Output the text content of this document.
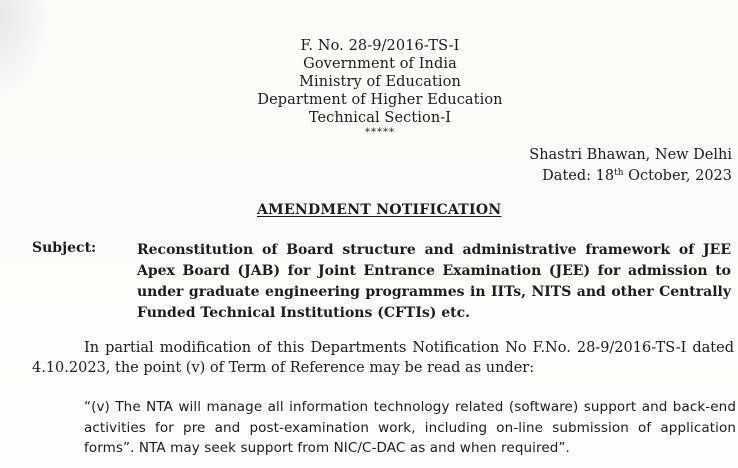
F. No. 28-9/2016-TS-I
Government of India
Ministry of Education
Department of Higher Education
Technical Section-I
*****
Shastri Bhawan, New Delhi
Dated: 18th October, 2023
AMENDMENT NOTIFICATION
Subject:	Reconstitution of Board structure and administrative framework of JEE Apex Board (JAB) for Joint Entrance Examination (JEE) for admission to under graduate engineering programmes in IITs, NITS and other Centrally Funded Technical Institutions (CFTIs) etc.
In partial modification of this Departments Notification No F.No. 28-9/2016-TS-I dated 4.10.2023, the point (v) of Term of Reference may be read as under:
“(v) The NTA will manage all information technology related (software) support and back-end activities for pre and post-examination work, including on-line submission of application forms”. NTA may seek support from NIC/C-DAC as and when required”.
